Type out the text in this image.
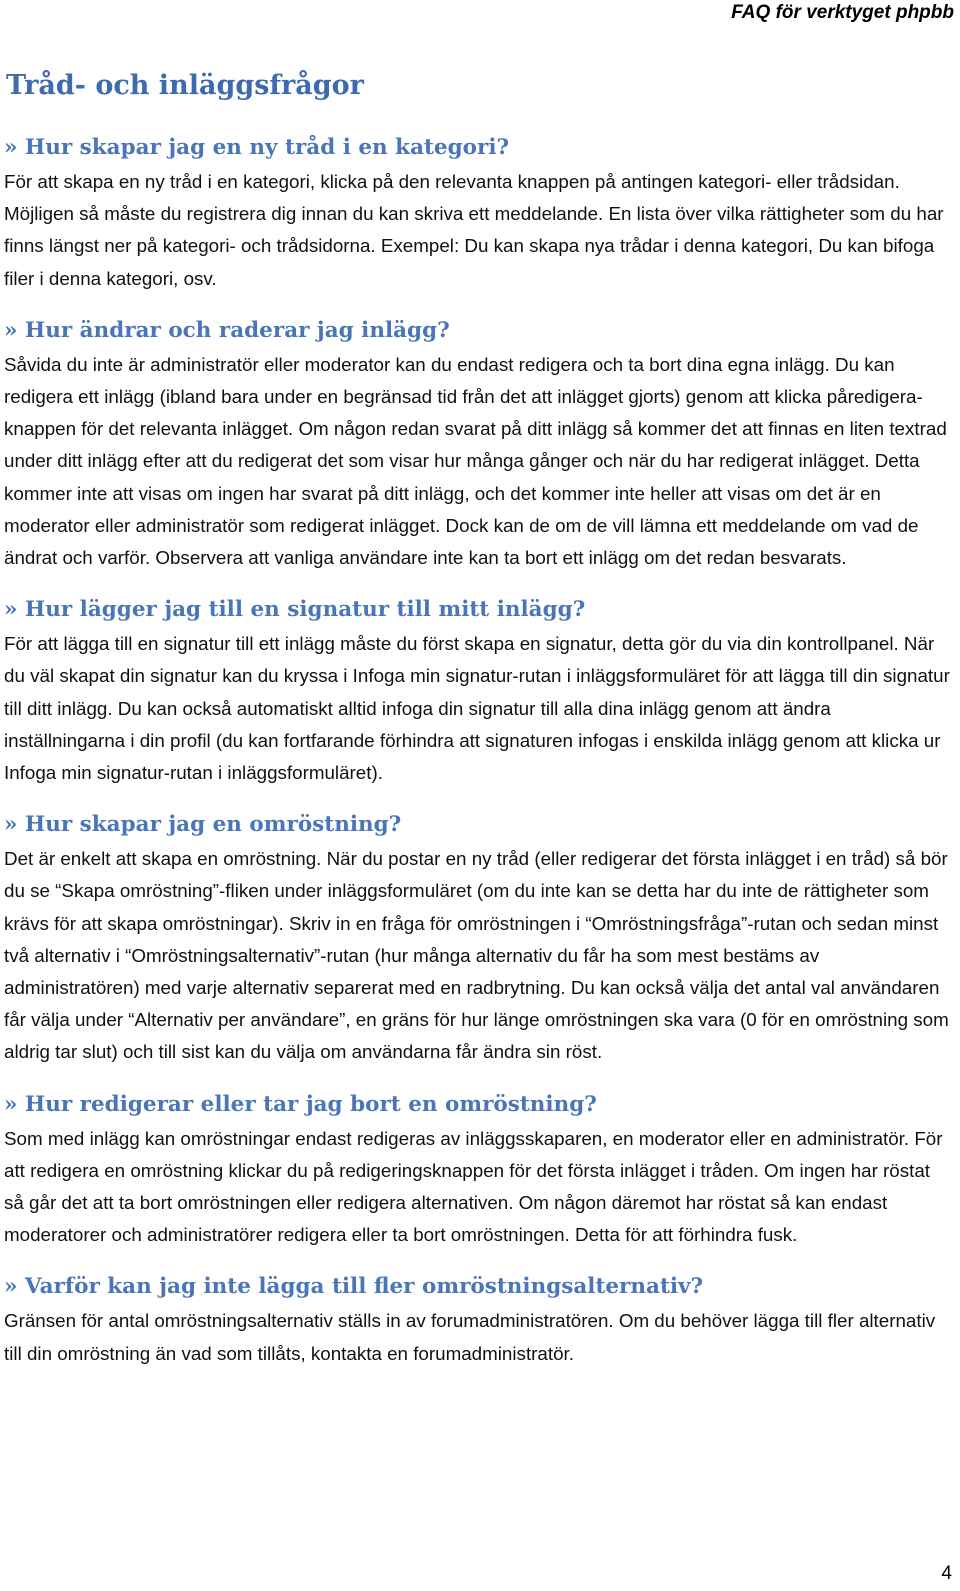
FAQ för verktyget phpbb
Tråd- och inläggsfrågor
» Hur skapar jag en ny tråd i en kategori?

För att skapa en ny tråd i en kategori, klicka på den relevanta knappen på antingen kategori- eller trådsidan. Möjligen så måste du registrera dig innan du kan skriva ett meddelande. En lista över vilka rättigheter som du har finns längst ner på kategori- och trådsidorna. Exempel: Du kan skapa nya trådar i denna kategori, Du kan bifoga filer i denna kategori, osv.

» Hur ändrar och raderar jag inlägg?

Såvida du inte är administratör eller moderator kan du endast redigera och ta bort dina egna inlägg. Du kan redigera ett inlägg (ibland bara under en begränsad tid från det att inlägget gjorts) genom att klicka påredigera-knappen för det relevanta inlägget. Om någon redan svarat på ditt inlägg så kommer det att finnas en liten textrad under ditt inlägg efter att du redigerat det som visar hur många gånger och när du har redigerat inlägget. Detta kommer inte att visas om ingen har svarat på ditt inlägg, och det kommer inte heller att visas om det är en moderator eller administratör som redigerat inlägget. Dock kan de om de vill lämna ett meddelande om vad de ändrat och varför. Observera att vanliga användare inte kan ta bort ett inlägg om det redan besvarats.

» Hur lägger jag till en signatur till mitt inlägg?

För att lägga till en signatur till ett inlägg måste du först skapa en signatur, detta gör du via din kontrollpanel. När du väl skapat din signatur kan du kryssa i Infoga min signatur-rutan i inläggsformuläret för att lägga till din signatur till ditt inlägg. Du kan också automatiskt alltid infoga din signatur till alla dina inlägg genom att ändra inställningarna i din profil (du kan fortfarande förhindra att signaturen infogas i enskilda inlägg genom att klicka ur Infoga min signatur-rutan i inläggsformuläret).

» Hur skapar jag en omröstning?

Det är enkelt att skapa en omröstning. När du postar en ny tråd (eller redigerar det första inlägget i en tråd) så bör du se “Skapa omröstning”-fliken under inläggsformuläret (om du inte kan se detta har du inte de rättigheter som krävs för att skapa omröstningar). Skriv in en fråga för omröstningen i “Omröstningsfråga”-rutan och sedan minst två alternativ i “Omröstningsalternativ”-rutan (hur många alternativ du får ha som mest bestäms av administratören) med varje alternativ separerat med en radbrytning. Du kan också välja det antal val användaren får välja under “Alternativ per användare”, en gräns för hur länge omröstningen ska vara (0 för en omröstning som aldrig tar slut) och till sist kan du välja om användarna får ändra sin röst.

» Hur redigerar eller tar jag bort en omröstning?

Som med inlägg kan omröstningar endast redigeras av inläggsskaparen, en moderator eller en administratör. För att redigera en omröstning klickar du på redigeringsknappen för det första inlägget i tråden. Om ingen har röstat så går det att ta bort omröstningen eller redigera alternativen. Om någon däremot har röstat så kan endast moderatorer och administratörer redigera eller ta bort omröstningen. Detta för att förhindra fusk.

» Varför kan jag inte lägga till fler omröstningsalternativ?

Gränsen för antal omröstningsalternativ ställs in av forumadministratören. Om du behöver lägga till fler alternativ till din omröstning än vad som tillåts, kontakta en forumadministratör.

4
